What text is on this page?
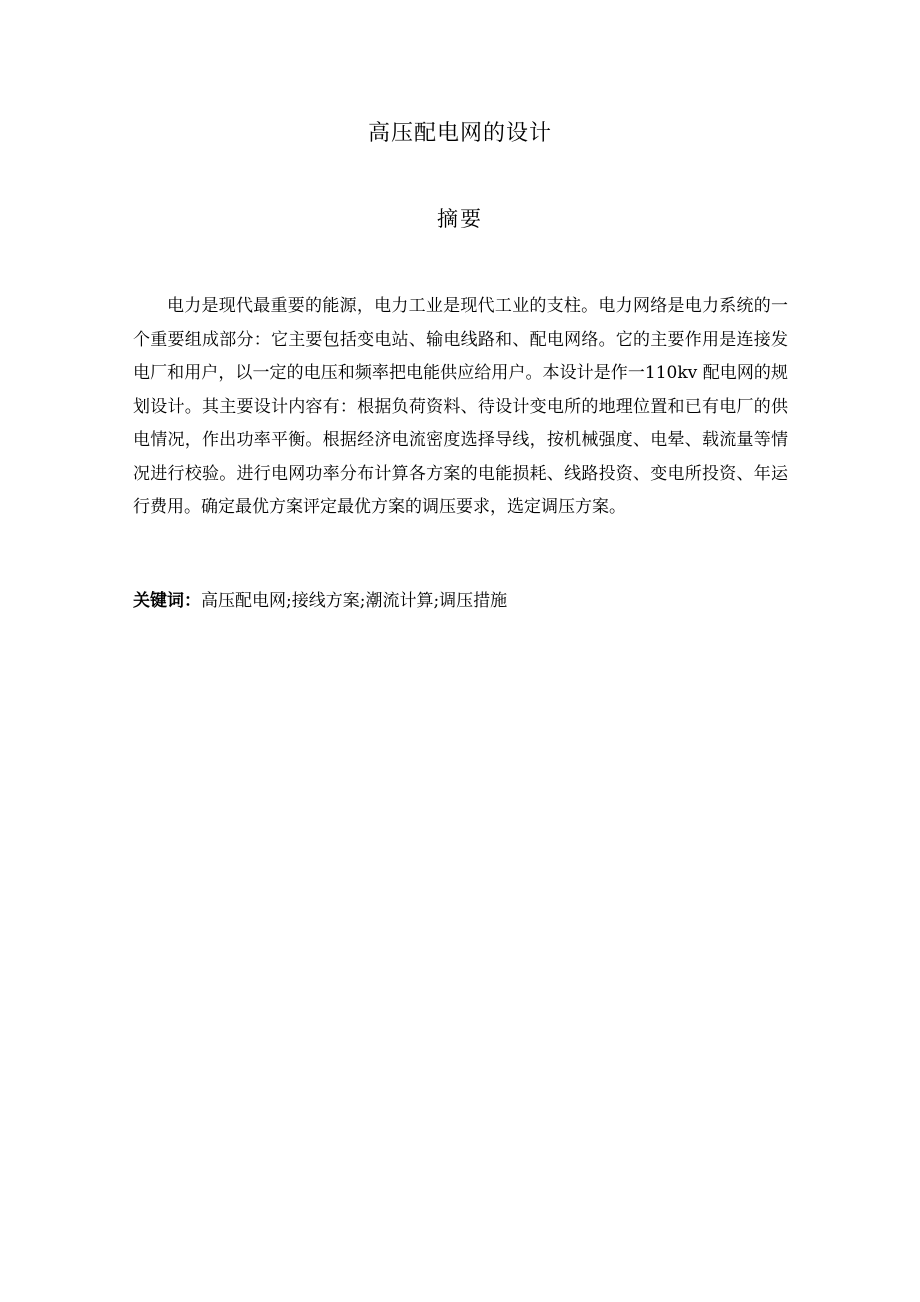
高压配电网的设计
摘要

电力是现代最重要的能源，电力工业是现代工业的支柱。电力网络是电力系统的一个重要组成部分：它主要包括变电站、输电线路和、配电网络。它的主要作用是连接发电厂和用户，以一定的电压和频率把电能供应给用户。本设计是作一110kv 配电网的规划设计。其主要设计内容有：根据负荷资料、待设计变电所的地理位置和已有电厂的供电情况，作出功率平衡。根据经济电流密度选择导线，按机械强度、电晕、载流量等情况进行校验。进行电网功率分布计算各方案的电能损耗、线路投资、变电所投资、年运行费用。确定最优方案评定最优方案的调压要求，选定调压方案。

关键词：高压配电网;接线方案;潮流计算;调压措施
